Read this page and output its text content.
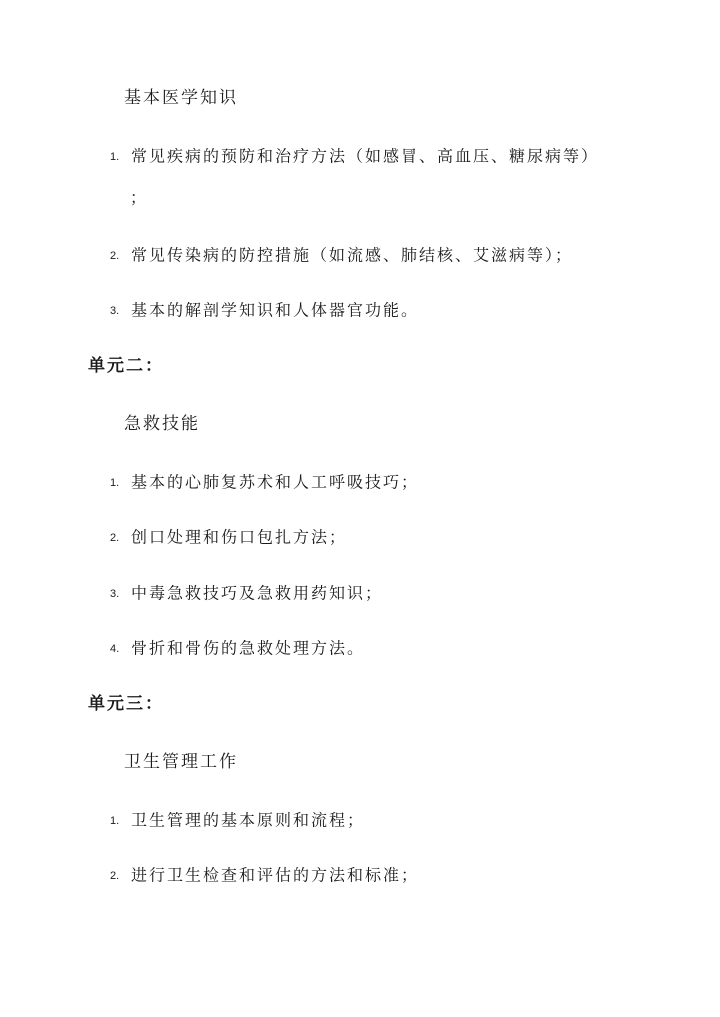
基本医学知识
1. 常见疾病的预防和治疗方法（如感冒、高血压、糖尿病等）
；
2. 常见传染病的防控措施（如流感、肺结核、艾滋病等）；
3. 基本的解剖学知识和人体器官功能。
单元二：
急救技能
1. 基本的心肺复苏术和人工呼吸技巧；
2. 创口处理和伤口包扎方法；
3. 中毒急救技巧及急救用药知识；
4. 骨折和骨伤的急救处理方法。
单元三：
卫生管理工作
1. 卫生管理的基本原则和流程；
2. 进行卫生检查和评估的方法和标准；
